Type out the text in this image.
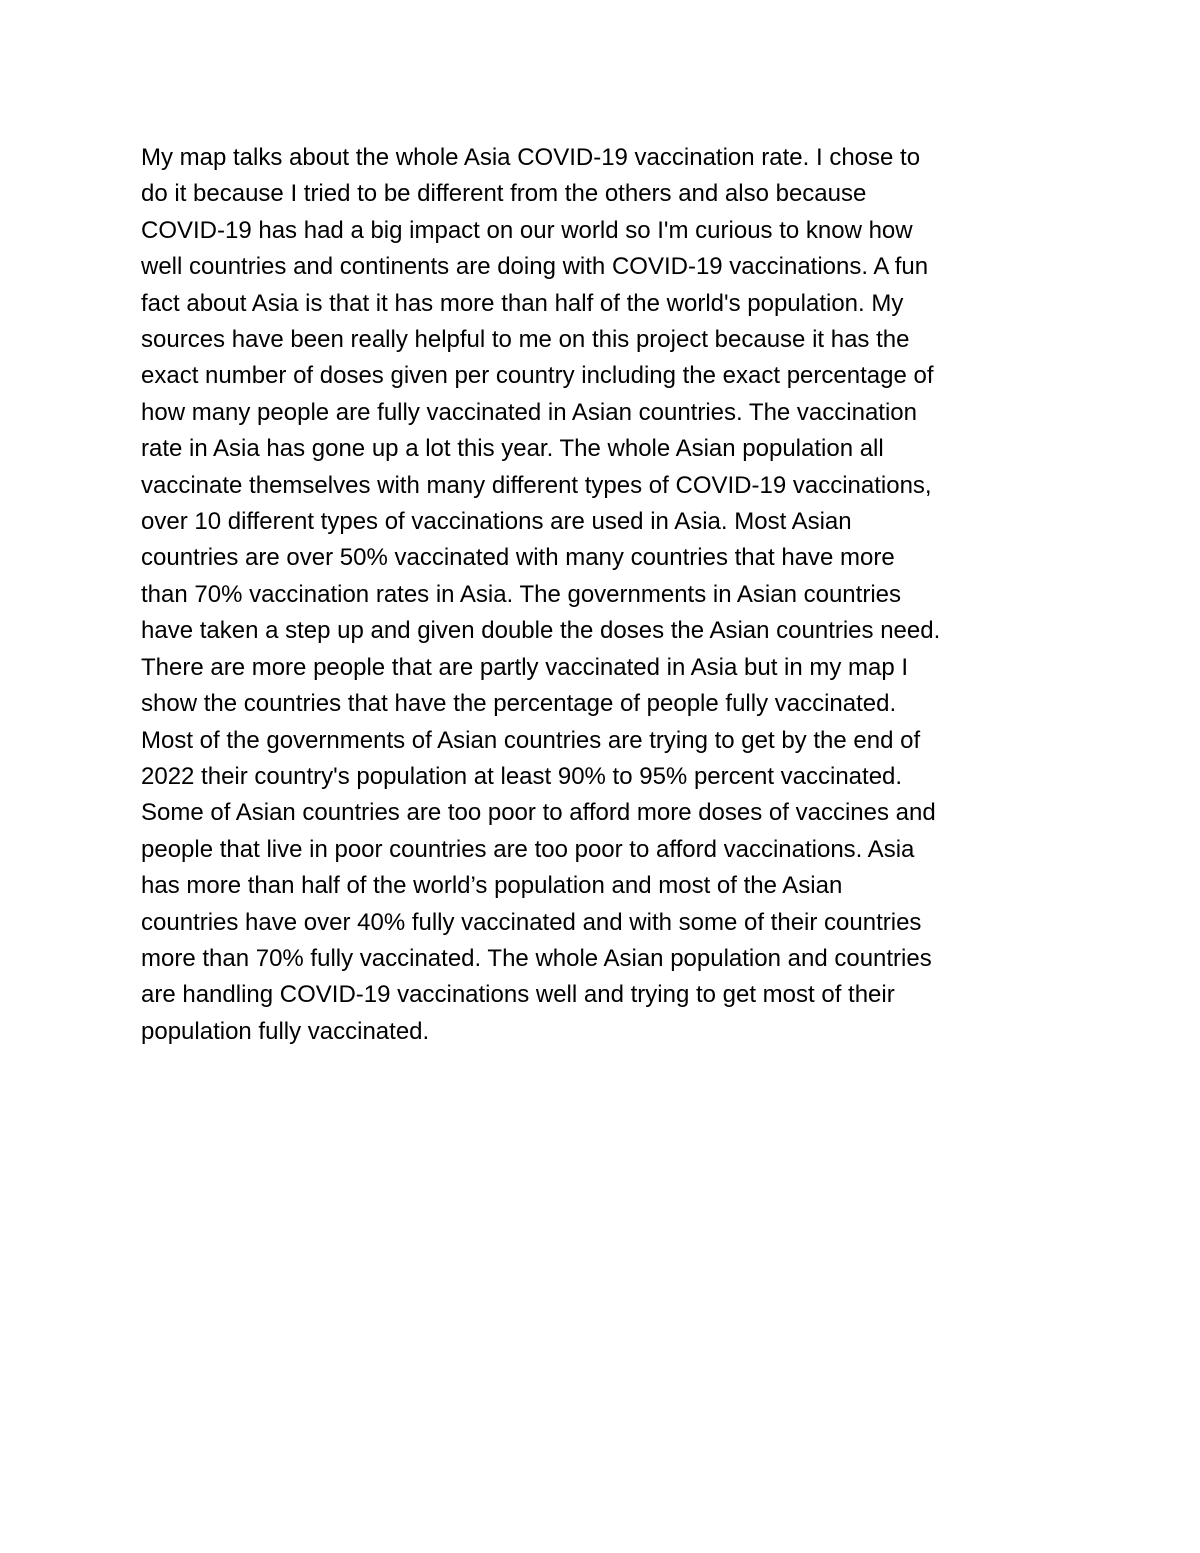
My map talks about the whole Asia COVID-19 vaccination rate. I chose to
do it because I tried to be different from the others and also because
COVID-19 has had a big impact on our world so I'm curious to know how
well countries and continents are doing with COVID-19 vaccinations. A fun
fact about Asia is that it has more than half of the world's population. My
sources have been really helpful to me on this project because it has the
exact number of doses given per country including the exact percentage of
how many people are fully vaccinated in Asian countries. The vaccination
rate in Asia has gone up a lot this year. The whole Asian population all
vaccinate themselves with many different types of COVID-19 vaccinations,
over 10 different types of vaccinations are used in Asia. Most Asian
countries are over 50% vaccinated with many countries that have more
than 70% vaccination rates in Asia. The governments in Asian countries
have taken a step up and given double the doses the Asian countries need.
There are more people that are partly vaccinated in Asia but in my map I
show the countries that have the percentage of people fully vaccinated.
Most of the governments of Asian countries are trying to get by the end of
2022 their country's population at least 90% to 95% percent vaccinated.
Some of Asian countries are too poor to afford more doses of vaccines and
people that live in poor countries are too poor to afford vaccinations. Asia
has more than half of the world’s population and most of the Asian
countries have over 40% fully vaccinated and with some of their countries
more than 70% fully vaccinated. The whole Asian population and countries
are handling COVID-19 vaccinations well and trying to get most of their
population fully vaccinated.
